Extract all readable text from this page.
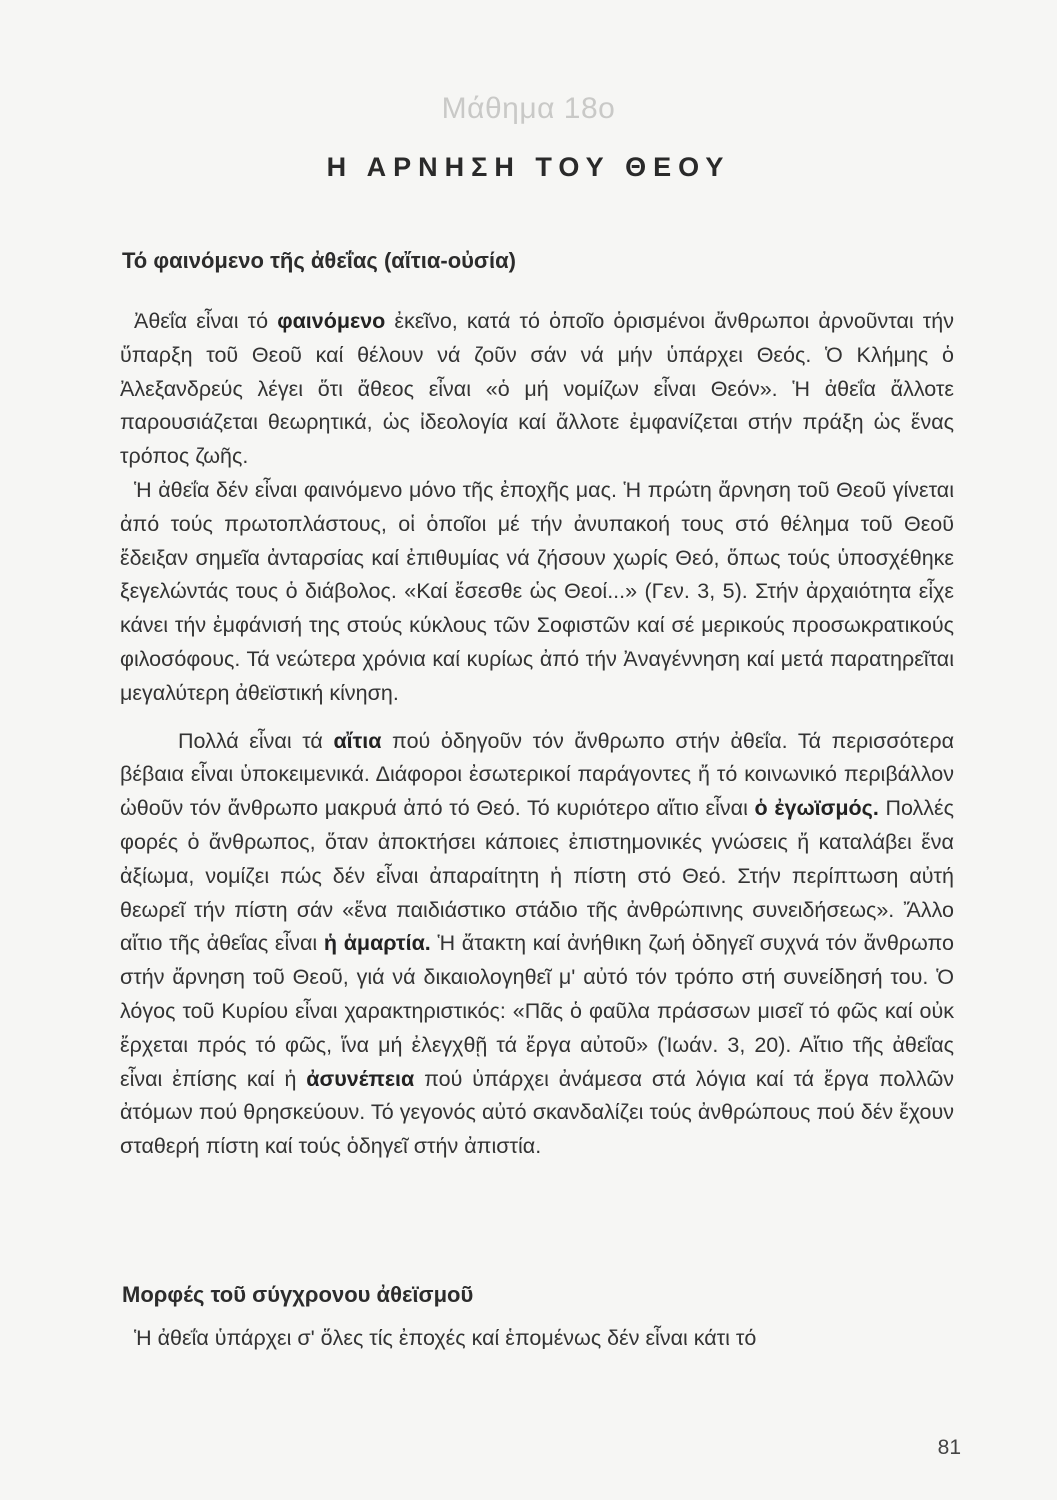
Μάθημα 18ο
Η ΑΡΝΗΣΗ ΤΟΥ ΘΕΟΥ
Τό φαινόμενο τῆς ἀθεΐας (αἴτια-οὐσία)

Ἀθεΐα εἶναι τό φαινόμενο ἐκεῖνο, κατά τό ὁποῖο ὁρισμένοι ἄνθρωποι ἀρνοῦνται τήν ὕπαρξη τοῦ Θεοῦ καί θέλουν νά ζοῦν σάν νά μήν ὑπάρχει Θεός. Ὁ Κλήμης ὁ Ἀλεξανδρεύς λέγει ὅτι ἄθεος εἶναι «ὁ μή νομίζων εἶναι Θεόν». Ἡ ἀθεΐα ἄλλοτε παρουσιάζεται θεωρητικά, ὡς ἰδεολογία καί ἄλλοτε ἐμφανίζεται στήν πράξη ὡς ἕνας τρόπος ζωῆς.

Ἡ ἀθεΐα δέν εἶναι φαινόμενο μόνο τῆς ἐποχῆς μας. Ἡ πρώτη ἄρνηση τοῦ Θεοῦ γίνεται ἀπό τούς πρωτοπλάστους, οἱ ὁποῖοι μέ τήν ἀνυπακοή τους στό θέλημα τοῦ Θεοῦ ἔδειξαν σημεῖα ἀνταρσίας καί ἐπιθυμίας νά ζήσουν χωρίς Θεό, ὅπως τούς ὑποσχέθηκε ξεγελώντάς τους ὁ διάβολος. «Καί ἔσεσθε ὡς Θεοί...» (Γεν. 3, 5). Στήν ἀρχαιότητα εἶχε κάνει τήν ἐμφάνισή της στούς κύκλους τῶν Σοφιστῶν καί σέ μερικούς προσωκρατικούς φιλοσόφους. Τά νεώτερα χρόνια καί κυρίως ἀπό τήν Ἀναγέννηση καί μετά παρατηρεῖται μεγαλύτερη ἀθεϊστική κίνηση.

Πολλά εἶναι τά αἴτια πού ὁδηγοῦν τόν ἄνθρωπο στήν ἀθεΐα. Τά περισσότερα βέβαια εἶναι ὑποκειμενικά. Διάφοροι ἐσωτερικοί παράγοντες ἤ τό κοινωνικό περιβάλλον ὠθοῦν τόν ἄνθρωπο μακρυά ἀπό τό Θεό. Τό κυριότερο αἴτιο εἶναι ὁ ἐγωϊσμός. Πολλές φορές ὁ ἄνθρωπος, ὅταν ἀποκτήσει κάποιες ἐπιστημονικές γνώσεις ἤ καταλάβει ἕνα ἀξίωμα, νομίζει πώς δέν εἶναι ἀπαραίτητη ἡ πίστη στό Θεό. Στήν περίπτωση αὐτή θεωρεῖ τήν πίστη σάν «ἕνα παιδιάστικο στάδιο τῆς ἀνθρώπινης συνειδήσεως». Ἄλλο αἴτιο τῆς ἀθεΐας εἶναι ἡ ἁμαρτία. Ἡ ἄτακτη καί ἀνήθικη ζωή ὁδηγεῖ συχνά τόν ἄνθρωπο στήν ἄρνηση τοῦ Θεοῦ, γιά νά δικαιολογηθεῖ μ' αὐτό τόν τρόπο στή συνείδησή του. Ὁ λόγος τοῦ Κυρίου εἶναι χαρακτηριστικός: «Πᾶς ὁ φαῦλα πράσσων μισεῖ τό φῶς καί οὐκ ἔρχεται πρός τό φῶς, ἵνα μή ἐλεγχθῇ τά ἔργα αὐτοῦ» (Ἰωάν. 3, 20). Αἴτιο τῆς ἀθεΐας εἶναι ἐπίσης καί ἡ ἀσυνέπεια πού ὑπάρχει ἀνάμεσα στά λόγια καί τά ἔργα πολλῶν ἀτόμων πού θρησκεύουν. Τό γεγονός αὐτό σκανδαλίζει τούς ἀνθρώπους πού δέν ἔχουν σταθερή πίστη καί τούς ὁδηγεῖ στήν ἀπιστία.

Μορφές τοῦ σύγχρονου ἀθεϊσμοῦ

Ἡ ἀθεΐα ὑπάρχει σ' ὅλες τίς ἐποχές καί ἑπομένως δέν εἶναι κάτι τό

81
